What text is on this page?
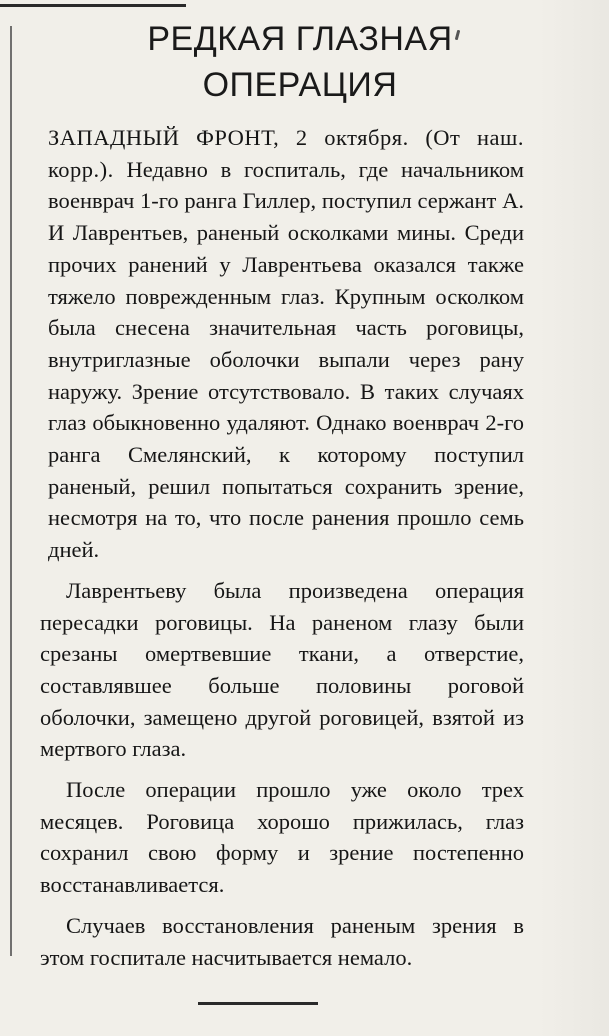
РЕДКАЯ ГЛАЗНАЯ
ОПЕРАЦИЯ

ЗАПАДНЫЙ ФРОНТ, 2 октября. (От наш. корр.). Недавно в госпиталь, где начальником военврач 1-го ранга Гиллер, поступил сержант А. И Лаврентьев, раненый осколками мины. Среди прочих ранений у Лаврентьева оказался также тяжело поврежденным глаз. Крупным осколком была снесена значительная часть роговицы, внутриглазные оболочки выпали через рану наружу. Зрение отсутствовало. В таких случаях глаз обыкновенно удаляют. Однако военврач 2-го ранга Смелянский, к которому поступил раненый, решил попытаться сохранить зрение, несмотря на то, что после ранения прошло семь дней.

Лаврентьеву была произведена операция пересадки роговицы. На раненом глазу были срезаны омертвевшие ткани, а отверстие, составлявшее больше половины роговой оболочки, замещено другой роговицей, взятой из мертвого глаза.

После операции прошло уже около трех месяцев. Роговица хорошо прижилась, глаз сохранил свою форму и зрение постепенно восстанавливается.

Случаев восстановления раненым зрения в этом госпитале насчитывается немало.
